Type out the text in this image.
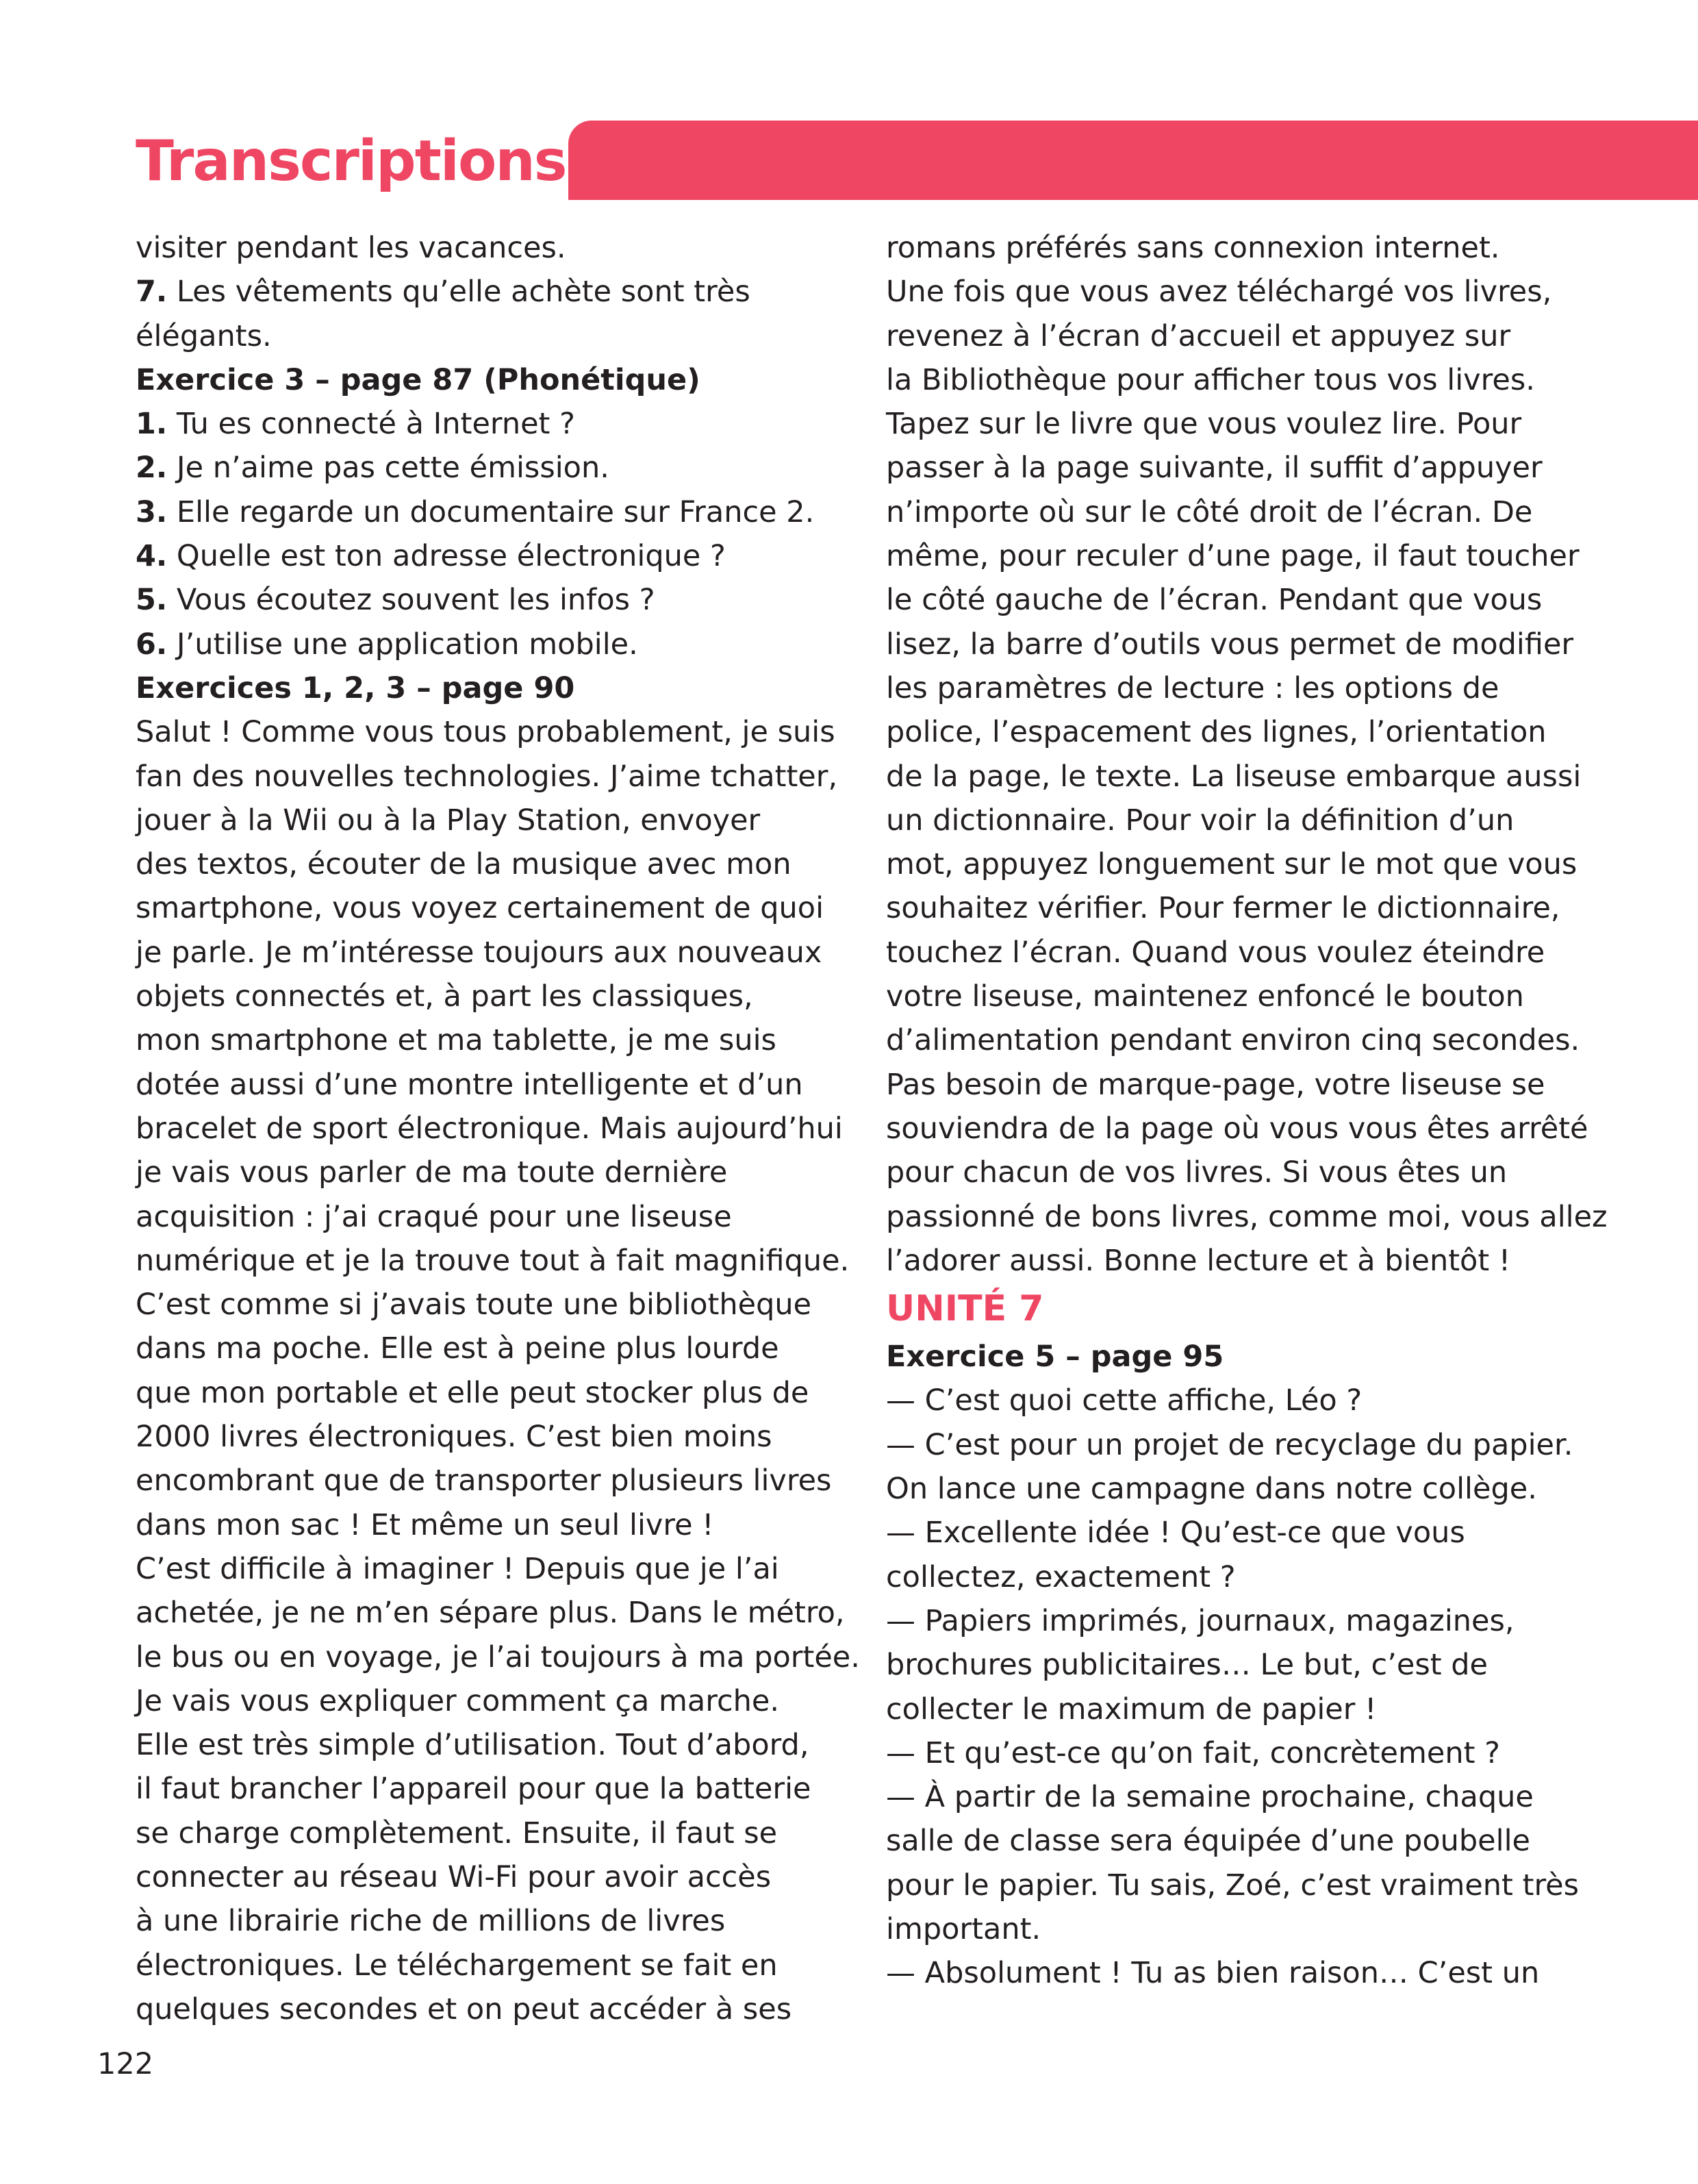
Transcriptions
visiter pendant les vacances.
7. Les vêtements qu’elle achète sont très
élégants.
Exercice 3 – page 87 (Phonétique)
1. Tu es connecté à Internet ?
2. Je n’aime pas cette émission.
3. Elle regarde un documentaire sur France 2.
4. Quelle est ton adresse électronique ?
5. Vous écoutez souvent les infos ?
6. J’utilise une application mobile.
Exercices 1, 2, 3 – page 90
Salut ! Comme vous tous probablement, je suis
fan des nouvelles technologies. J’aime tchatter,
jouer à la Wii ou à la Play Station, envoyer
des textos, écouter de la musique avec mon
smartphone, vous voyez certainement de quoi
je parle. Je m’intéresse toujours aux nouveaux
objets connectés et, à part les classiques,
mon smartphone et ma tablette, je me suis
dotée aussi d’une montre intelligente et d’un
bracelet de sport électronique. Mais aujourd’hui
je vais vous parler de ma toute dernière
acquisition : j’ai craqué pour une liseuse
numérique et je la trouve tout à fait magnifique.
C’est comme si j’avais toute une bibliothèque
dans ma poche. Elle est à peine plus lourde
que mon portable et elle peut stocker plus de
2000 livres électroniques. C’est bien moins
encombrant que de transporter plusieurs livres
dans mon sac ! Et même un seul livre !
C’est difficile à imaginer ! Depuis que je l’ai
achetée, je ne m’en sépare plus. Dans le métro,
le bus ou en voyage, je l’ai toujours à ma portée.
Je vais vous expliquer comment ça marche.
Elle est très simple d’utilisation. Tout d’abord,
il faut brancher l’appareil pour que la batterie
se charge complètement. Ensuite, il faut se
connecter au réseau Wi-Fi pour avoir accès
à une librairie riche de millions de livres
électroniques. Le téléchargement se fait en
quelques secondes et on peut accéder à ses
romans préférés sans connexion internet.
Une fois que vous avez téléchargé vos livres,
revenez à l’écran d’accueil et appuyez sur
la Bibliothèque pour afficher tous vos livres.
Tapez sur le livre que vous voulez lire. Pour
passer à la page suivante, il suffit d’appuyer
n’importe où sur le côté droit de l’écran. De
même, pour reculer d’une page, il faut toucher
le côté gauche de l’écran. Pendant que vous
lisez, la barre d’outils vous permet de modifier
les paramètres de lecture : les options de
police, l’espacement des lignes, l’orientation
de la page, le texte. La liseuse embarque aussi
un dictionnaire. Pour voir la définition d’un
mot, appuyez longuement sur le mot que vous
souhaitez vérifier. Pour fermer le dictionnaire,
touchez l’écran. Quand vous voulez éteindre
votre liseuse, maintenez enfoncé le bouton
d’alimentation pendant environ cinq secondes.
Pas besoin de marque-page, votre liseuse se
souviendra de la page où vous vous êtes arrêté
pour chacun de vos livres. Si vous êtes un
passionné de bons livres, comme moi, vous allez
l’adorer aussi. Bonne lecture et à bientôt !
UNITÉ 7
Exercice 5 – page 95
— C’est quoi cette affiche, Léo ?
— C’est pour un projet de recyclage du papier.
On lance une campagne dans notre collège.
— Excellente idée ! Qu’est-ce que vous
collectez, exactement ?
— Papiers imprimés, journaux, magazines,
brochures publicitaires… Le but, c’est de
collecter le maximum de papier !
— Et qu’est-ce qu’on fait, concrètement ?
— À partir de la semaine prochaine, chaque
salle de classe sera équipée d’une poubelle
pour le papier. Tu sais, Zoé, c’est vraiment très
important.
— Absolument ! Tu as bien raison… C’est un
122
